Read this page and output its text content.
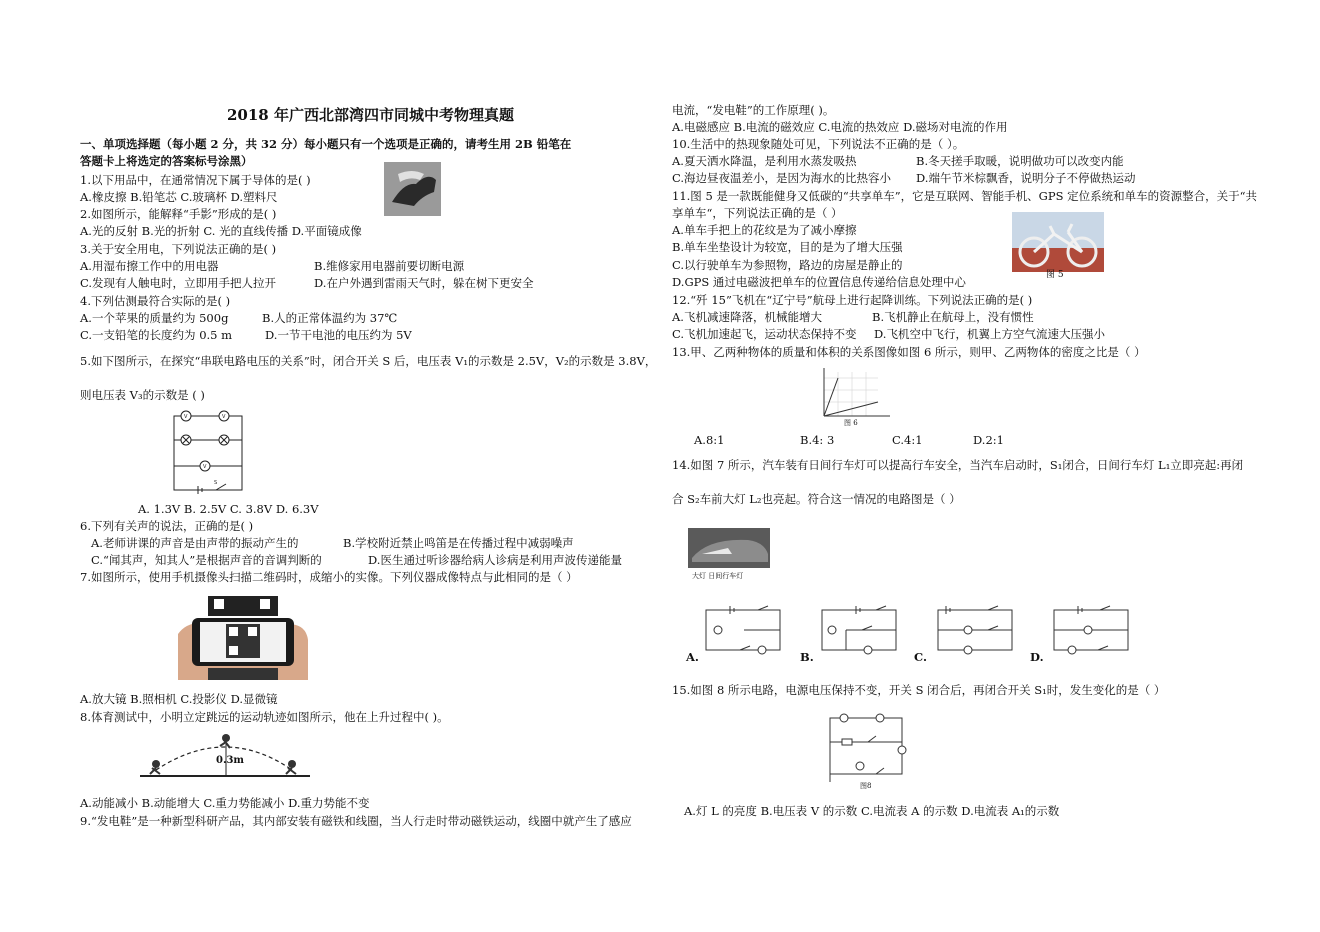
2018 年广西北部湾四市同城中考物理真题
一、单项选择题（每小题 2 分，共 32 分）每小题只有一个选项是正确的，请考生用 2B 铅笔在
答题卡上将选定的答案标号涂黑）
1.以下用品中，在通常情况下属于导体的是( )
A.橡皮擦 B.铅笔芯 C.玻璃杯 D.塑料尺
2.如图所示，能解释“手影”形成的是( )
A.光的反射 B.光的折射 C. 光的直线传播 D.平面镜成像
3.关于安全用电，下列说法正确的是( )
A.用湿布擦工作中的用电器	B.维修家用电器前要切断电源
C.发现有人触电时，立即用手把人拉开	D.在户外遇到雷雨天气时，躲在树下更安全
4.下列估测最符合实际的是( )
A.一个苹果的质量约为 500g	B.人的正常体温约为 37℃
C.一支铅笔的长度约为 0.5 m	D.一节干电池的电压约为 5V
5.如下图所示，在探究“串联电路电压的关系”时，闭合开关 S 后，电压表 V₁的示数是 2.5V，V₂的示数是 3.8V，
则电压表 V₃的示数是 ( )
V	V
V
S
A. 1.3V B. 2.5V C. 3.8V D. 6.3V
6.下列有关声的说法，正确的是( )
A.老师讲课的声音是由声带的振动产生的	B.学校附近禁止鸣笛是在传播过程中减弱噪声
C.“闻其声，知其人”是根据声音的音调判断的	D.医生通过听诊器给病人诊病是利用声波传递能量
7.如图所示，使用手机摄像头扫描二维码时，成缩小的实像。下列仪器成像特点与此相同的是（ ）
A.放大镜 B.照相机 C.投影仪 D.显微镜
8.体育测试中，小明立定跳远的运动轨迹如图所示，他在上升过程中( )。
0.3m
A.动能减小 B.动能增大 C.重力势能减小 D.重力势能不变
9.“发电鞋”是一种新型科研产品，其内部安装有磁铁和线圈，当人行走时带动磁铁运动，线圈中就产生了感应
电流，“发电鞋”的工作原理( )。
A.电磁感应 B.电流的磁效应 C.电流的热效应 D.磁场对电流的作用
10.生活中的热现象随处可见，下列说法不正确的是（ ）。
A.夏天洒水降温，是利用水蒸发吸热	B.冬天搓手取暖，说明做功可以改变内能
C.海边昼夜温差小，是因为海水的比热容小 D.端午节米棕飘香，说明分子不停做热运动
11.图 5 是一款既能健身又低碳的“共享单车”，它是互联网、智能手机、GPS 定位系统和单车的资源整合，关于“共
享单车“，下列说法正确的是（ ）
A.单车手把上的花纹是为了减小摩擦
B.单车坐垫设计为较宽，目的是为了增大压强
C.以行驶单车为参照物，路边的房屋是静止的
D.GPS 通过电磁波把单车的位置信息传递给信息处理中心	图 5
12.“歼 15”飞机在“辽宁号”航母上进行起降训练。下列说法正确的是( )
A.飞机减速降落，机械能增大	B.飞机静止在航母上，没有惯性
C.飞机加速起飞，运动状态保持不变 D.飞机空中飞行，机翼上方空气流速大压强小
13.甲、乙两种物体的质量和体积的关系图像如图 6 所示，则甲、乙两物体的密度之比是（ ）
图 6
A.8:1	B.4: 3	C.4:1	D.2:1
14.如图 7 所示，汽车装有日间行车灯可以提高行车安全，当汽车启动时，S₁闭合，日间行车灯 L₁立即亮起:再闭
合 S₂车前大灯 L₂也亮起。符合这一情况的电路图是（ ）
大灯 日间行车灯
A.	B.	C.	D.
15.如图 8 所示电路，电源电压保持不变，开关 S 闭合后，再闭合开关 S₁时，发生变化的是（ ）
图8
A.灯 L 的亮度 B.电压表 V 的示数 C.电流表 A 的示数 D.电流表 A₁的示数
